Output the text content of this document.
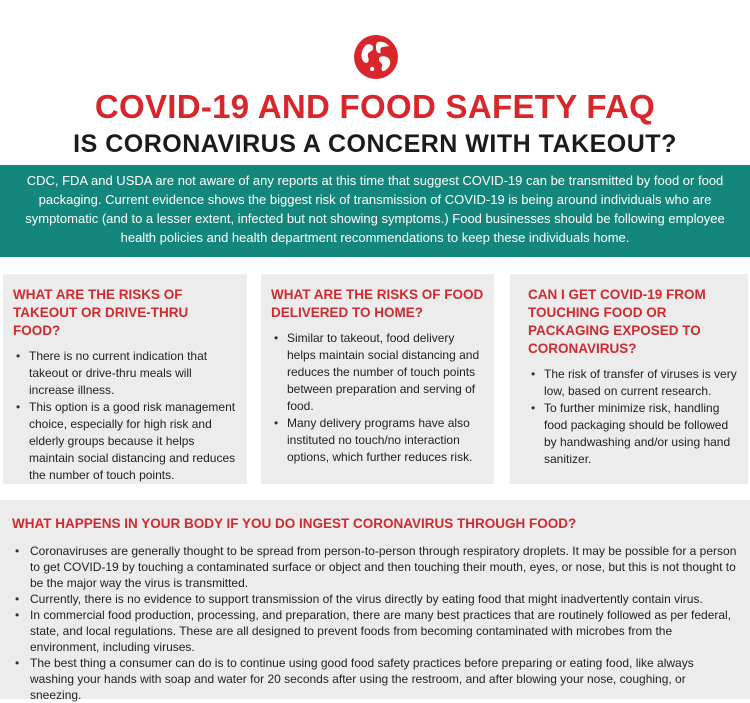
COVID-19 AND FOOD SAFETY FAQ
IS CORONAVIRUS A CONCERN WITH TAKEOUT?
CDC, FDA and USDA are not aware of any reports at this time that suggest COVID-19 can be transmitted by food or food packaging. Current evidence shows the biggest risk of transmission of COVID-19 is being around individuals who are symptomatic (and to a lesser extent, infected but not showing symptoms.) Food businesses should be following employee health policies and health department recommendations to keep these individuals home.
WHAT ARE THE RISKS OF TAKEOUT OR DRIVE-THRU FOOD?
• There is no current indication that takeout or drive-thru meals will increase illness.
• This option is a good risk management choice, especially for high risk and elderly groups because it helps maintain social distancing and reduces the number of touch points.
WHAT ARE THE RISKS OF FOOD DELIVERED TO HOME?
• Similar to takeout, food delivery helps maintain social distancing and reduces the number of touch points between preparation and serving of food.
• Many delivery programs have also instituted no touch/no interaction options, which further reduces risk.
CAN I GET COVID-19 FROM TOUCHING FOOD OR PACKAGING EXPOSED TO CORONAVIRUS?
• The risk of transfer of viruses is very low, based on current research.
• To further minimize risk, handling food packaging should be followed by handwashing and/or using hand sanitizer.
WHAT HAPPENS IN YOUR BODY IF YOU DO INGEST CORONAVIRUS THROUGH FOOD?
• Coronaviruses are generally thought to be spread from person-to-person through respiratory droplets. It may be possible for a person to get COVID-19 by touching a contaminated surface or object and then touching their mouth, eyes, or nose, but this is not thought to be the major way the virus is transmitted.
• Currently, there is no evidence to support transmission of the virus directly by eating food that might inadvertently contain virus.
• In commercial food production, processing, and preparation, there are many best practices that are routinely followed as per federal, state, and local regulations. These are all designed to prevent foods from becoming contaminated with microbes from the environment, including viruses.
• The best thing a consumer can do is to continue using good food safety practices before preparing or eating food, like always washing your hands with soap and water for 20 seconds after using the restroom, and after blowing your nose, coughing, or sneezing.
